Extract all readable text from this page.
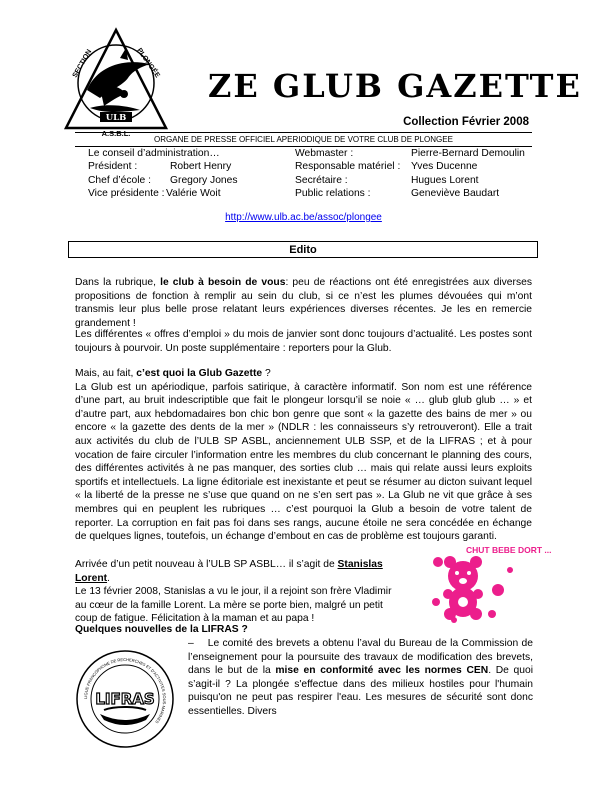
SECTION	PLONGÉE
ULB
A.S.B.L.
ZE GLUB GAZETTE
Collection Février 2008
ORGANE DE PRESSE OFFICIEL APERIODIQUE DE VOTRE CLUB DE PLONGEE
Le conseil d’administration…	Webmaster :	Pierre-Bernard Demoulin
Président :	Robert Henry	Responsable matériel : Yves Ducenne
Chef d’école : Gregory Jones	Secrétaire :	Hugues Lorent
Vice présidente : Valérie Woit	Public relations :	Geneviève Baudart
http://www.ulb.ac.be/assoc/plongee
Edito

Dans la rubrique, le club à besoin de vous: peu de réactions ont été enregistrées aux diverses propositions de fonction à remplir au sein du club, si ce n’est les plumes dévouées qui m’ont transmis leur plus belle prose relatant leurs expériences diverses récentes. Je les en remercie grandement !

Les différentes « offres d’emploi » du mois de janvier sont donc toujours d’actualité. Les postes sont toujours à pourvoir. Un poste supplémentaire : reporters pour la Glub.

Mais, au fait, c’est quoi la Glub Gazette ?
La Glub est un apériodique, parfois satirique, à caractère informatif. Son nom est une référence d’une part, au bruit indescriptible que fait le plongeur lorsqu’il se noie « … glub glub glub … » et d’autre part, aux hebdomadaires bon chic bon genre que sont « la gazette des bains de mer » ou encore « la gazette des dents de la mer » (NDLR : les connaisseurs s’y retrouveront). Elle a trait aux activités du club de l’ULB SP ASBL, anciennement ULB SSP, et de la LIFRAS ; et à pour vocation de faire circuler l’information entre les membres du club concernant le planning des cours, des différentes activités à ne pas manquer, des sorties club … mais qui relate aussi leurs exploits sportifs et intellectuels. La ligne éditoriale est inexistante et peut se résumer au dicton suivant lequel « la liberté de la presse ne s’use que quand on ne s’en sert pas ». La Glub ne vit que grâce à ses membres qui en peuplent les rubriques … c’est pourquoi la Glub a besoin de votre talent de reporter. La corruption en fait pas foi dans ses rangs, aucune étoile ne sera concédée en échange de quelques lignes, toutefois, un échange d’embout en cas de problème est toujours garanti.

Arrivée d’un petit nouveau à l’ULB SP ASBL… il s’agit de Stanislas Lorent.
Le 13 février 2008, Stanislas a vu le jour, il a rejoint son frère Vladimir au cœur de la famille Lorent. La mère se porte bien, malgré un petit coup de fatigue. Félicitation à la maman et au papa !

CHUT BEBE DORT ...

Quelques nouvelles de la LIFRAS ?

– Le comité des brevets a obtenu l’aval du Bureau de la Commission de l’enseignement pour la poursuite des travaux de modification des brevets, dans le but de la mise en conformité avec les normes CEN. De quoi s’agit-il ? La plongée s'effectue dans des milieux hostiles pour l'humain puisqu'on ne peut pas respirer l'eau. Les mesures de sécurité sont donc essentielles. Divers

LIGUE FRANCOPHONE DE RECHERCHES ET D'ACTIVITES SOUS-MARINES
LIFRAS
